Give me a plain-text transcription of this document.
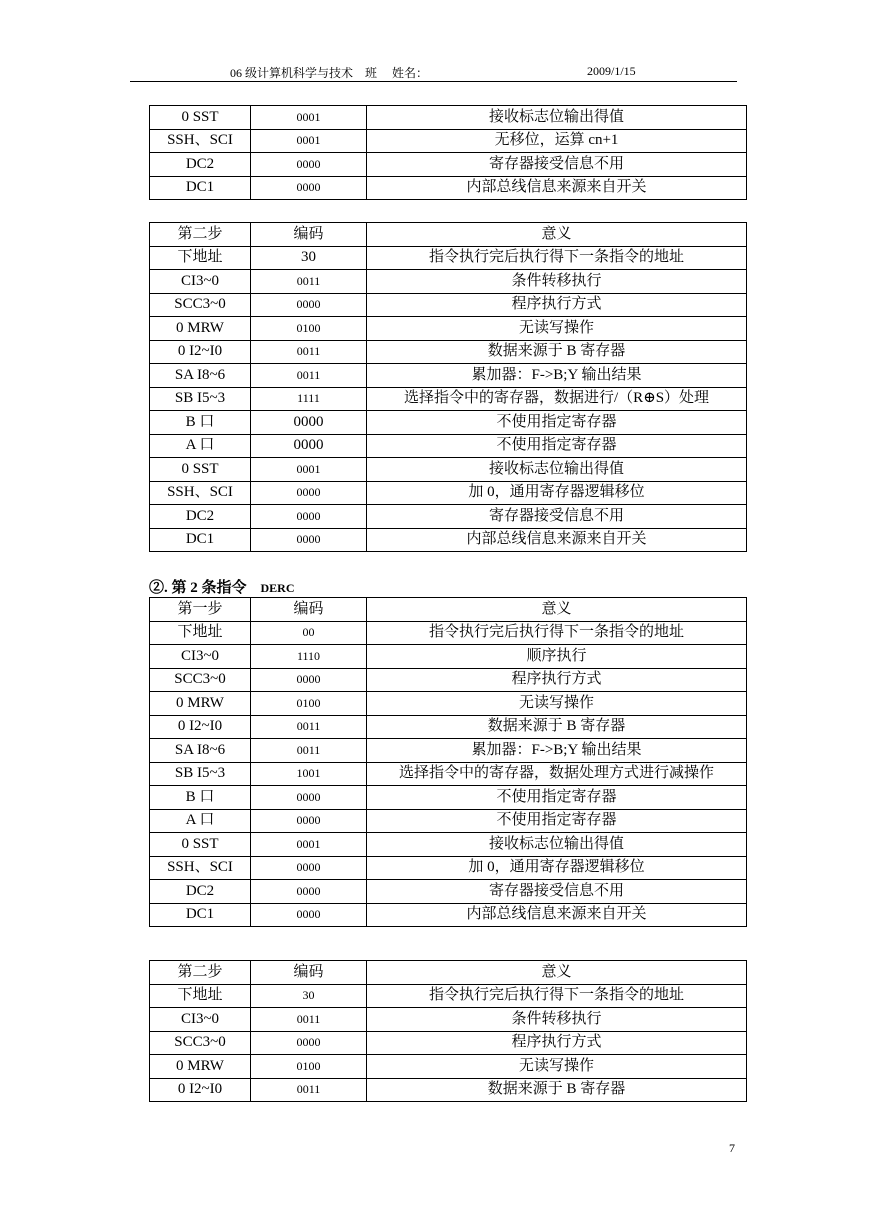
06 级计算机科学与技术　班　 姓名：	2009/1/15
0 SST	0001	接收标志位输出得值
SSH、SCI	0001	无移位，运算 cn+1
DC2	0000	寄存器接受信息不用
DC1	0000	内部总线信息来源来自开关
第二步	编码	意义
下地址	30	指令执行完后执行得下一条指令的地址
CI3~0	0011	条件转移执行
SCC3~0	0000	程序执行方式
0 MRW	0100	无读写操作
0 I2~I0	0011	数据来源于 B 寄存器
SA I8~6	0011	累加器：F->B;Y 输出结果
SB I5~3	1111	选择指令中的寄存器，数据进行/（R⊕S）处理
B 口	0000	不使用指定寄存器
A 口	0000	不使用指定寄存器
0 SST	0001	接收标志位输出得值
SSH、SCI	0000	加 0，通用寄存器逻辑移位
DC2	0000	寄存器接受信息不用
DC1	0000	内部总线信息来源来自开关
②. 第 2 条指令 DERC
第一步	编码	意义
下地址	00	指令执行完后执行得下一条指令的地址
CI3~0	1110	顺序执行
SCC3~0	0000	程序执行方式
0 MRW	0100	无读写操作
0 I2~I0	0011	数据来源于 B 寄存器
SA I8~6	0011	累加器：F->B;Y 输出结果
SB I5~3	1001	选择指令中的寄存器，数据处理方式进行减操作
B 口	0000	不使用指定寄存器
A 口	0000	不使用指定寄存器
0 SST	0001	接收标志位输出得值
SSH、SCI	0000	加 0，通用寄存器逻辑移位
DC2	0000	寄存器接受信息不用
DC1	0000	内部总线信息来源来自开关
第二步	编码	意义
下地址	30	指令执行完后执行得下一条指令的地址
CI3~0	0011	条件转移执行
SCC3~0	0000	程序执行方式
0 MRW	0100	无读写操作
0 I2~I0	0011	数据来源于 B 寄存器
7
